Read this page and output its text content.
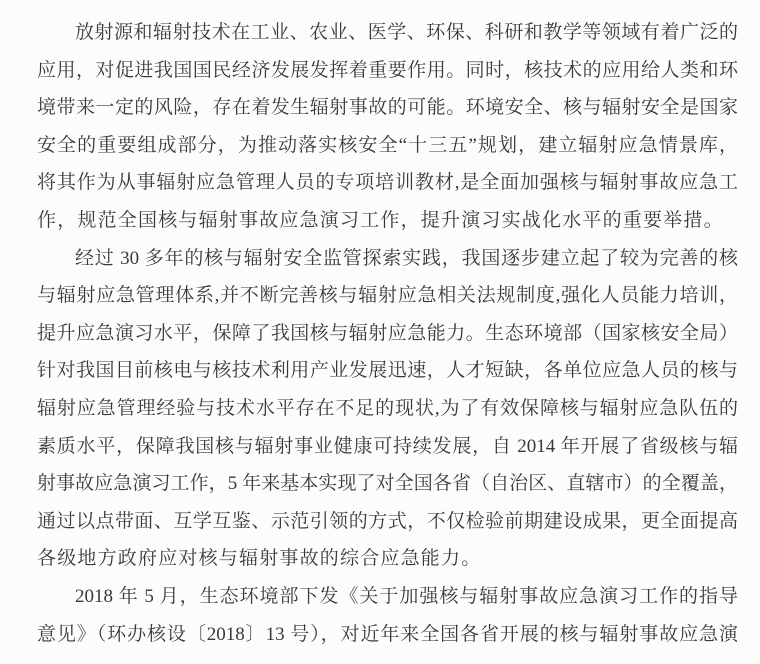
放射源和辐射技术在工业、农业、医学、环保、科研和教学等领域有着广泛的
应用，对促进我国国民经济发展发挥着重要作用。同时，核技术的应用给人类和环
境带来一定的风险，存在着发生辐射事故的可能。环境安全、核与辐射安全是国家
安全的重要组成部分，为推动落实核安全“十三五”规划，建立辐射应急情景库，
将其作为从事辐射应急管理人员的专项培训教材,是全面加强核与辐射事故应急工
作，规范全国核与辐射事故应急演习工作，提升演习实战化水平的重要举措。
经过 30 多年的核与辐射安全监管探索实践，我国逐步建立起了较为完善的核
与辐射应急管理体系,并不断完善核与辐射应急相关法规制度,强化人员能力培训，
提升应急演习水平，保障了我国核与辐射应急能力。生态环境部（国家核安全局）
针对我国目前核电与核技术利用产业发展迅速，人才短缺，各单位应急人员的核与
辐射应急管理经验与技术水平存在不足的现状,为了有效保障核与辐射应急队伍的
素质水平，保障我国核与辐射事业健康可持续发展，自 2014 年开展了省级核与辐
射事故应急演习工作，5 年来基本实现了对全国各省（自治区、直辖市）的全覆盖，
通过以点带面、互学互鉴、示范引领的方式，不仅检验前期建设成果，更全面提高
各级地方政府应对核与辐射事故的综合应急能力。
2018 年 5 月，生态环境部下发《关于加强核与辐射事故应急演习工作的指导
意见》（环办核设〔2018〕13 号），对近年来全国各省开展的核与辐射事故应急演
